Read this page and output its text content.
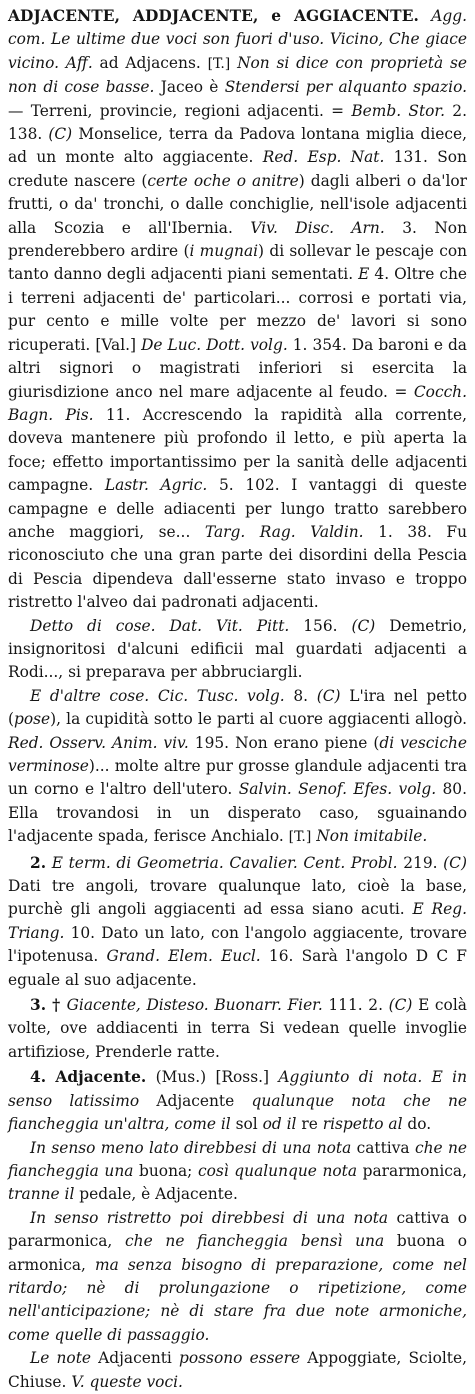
ADJACENTE, ADDJACENTE, e AGGIACENTE. Agg. com. Le ultime due voci son fuori d'uso. Vicino, Che giace vicino. Aff. ad Adjacens. [T.] Non si dice con proprietà se non di cose basse. Jaceo è Stendersi per alquanto spazio. — Terreni, provincie, regioni adjacenti. = Bemb. Stor. 2. 138. (C) Monselice, terra da Padova lontana miglia diece, ad un monte alto aggiacente. Red. Esp. Nat. 131. Son credute nascere (certe oche o anitre) dagli alberi o da'lor frutti, o da' tronchi, o dalle conchiglie, nell'isole adjacenti alla Scozia e all'Ibernia. Viv. Disc. Arn. 3. Non prenderebbero ardire (i mugnai) di sollevar le pescaje con tanto danno degli adjacenti piani sementati. E 4. Oltre che i terreni adjacenti de' particolari... corrosi e portati via, pur cento e mille volte per mezzo de' lavori si sono ricuperati. [Val.] De Luc. Dott. volg. 1. 354. Da baroni e da altri signori o magistrati inferiori si esercita la giurisdizione anco nel mare adjacente al feudo. = Cocch. Bagn. Pis. 11. Accrescendo la rapidità alla corrente, doveva mantenere più profondo il letto, e più aperta la foce; effetto importantissimo per la sanità delle adjacenti campagne. Lastr. Agric. 5. 102. I vantaggi di queste campagne e delle adiacenti per lungo tratto sarebbero anche maggiori, se... Targ. Rag. Valdin. 1. 38. Fu riconosciuto che una gran parte dei disordini della Pescia di Pescia dipendeva dall'esserne stato invaso e troppo ristretto l'alveo dai padronati adjacenti.

Detto di cose. Dat. Vit. Pitt. 156. (C) Demetrio, insignoritosi d'alcuni edificii mal guardati adjacenti a Rodi..., si preparava per abbruciargli.

E d'altre cose. Cic. Tusc. volg. 8. (C) L'ira nel petto (pose), la cupidità sotto le parti al cuore aggiacenti allogò. Red. Osserv. Anim. viv. 195. Non erano piene (di vesciche verminose)... molte altre pur grosse glandule adjacenti tra un corno e l'altro dell'utero. Salvin. Senof. Efes. volg. 80. Ella trovandosi in un disperato caso, sguainando l'adjacente spada, ferisce Anchialo. [T.] Non imitabile.

2. E term. di Geometria. Cavalier. Cent. Probl. 219. (C) Dati tre angoli, trovare qualunque lato, cioè la base, purchè gli angoli aggiacenti ad essa siano acuti. E Reg. Triang. 10. Dato un lato, con l'angolo aggiacente, trovare l'ipotenusa. Grand. Elem. Eucl. 16. Sarà l'angolo D C F eguale al suo adjacente.

3. † Giacente, Disteso. Buonarr. Fier. 111. 2. (C) E colà volte, ove addiacenti in terra Si vedean quelle invoglie artifiziose, Prenderle ratte.

4. Adjacente. (Mus.) [Ross.] Aggiunto di nota. E in senso latissimo Adjacente qualunque nota che ne fiancheggia un'altra, come il sol od il re rispetto al do.

In senso meno lato direbbesi di una nota cattiva che ne fiancheggia una buona; così qualunque nota pararmonica, tranne il pedale, è Adjacente.

In senso ristretto poi direbbesi di una nota cattiva o pararmonica, che ne fiancheggia bensì una buona o armonica, ma senza bisogno di preparazione, come nel ritardo; nè di prolungazione o ripetizione, come nell'anticipazione; nè di stare fra due note armoniche, come quelle di passaggio.

Le note Adjacenti possono essere Appoggiate, Sciolte, Chiuse. V. queste voci.
